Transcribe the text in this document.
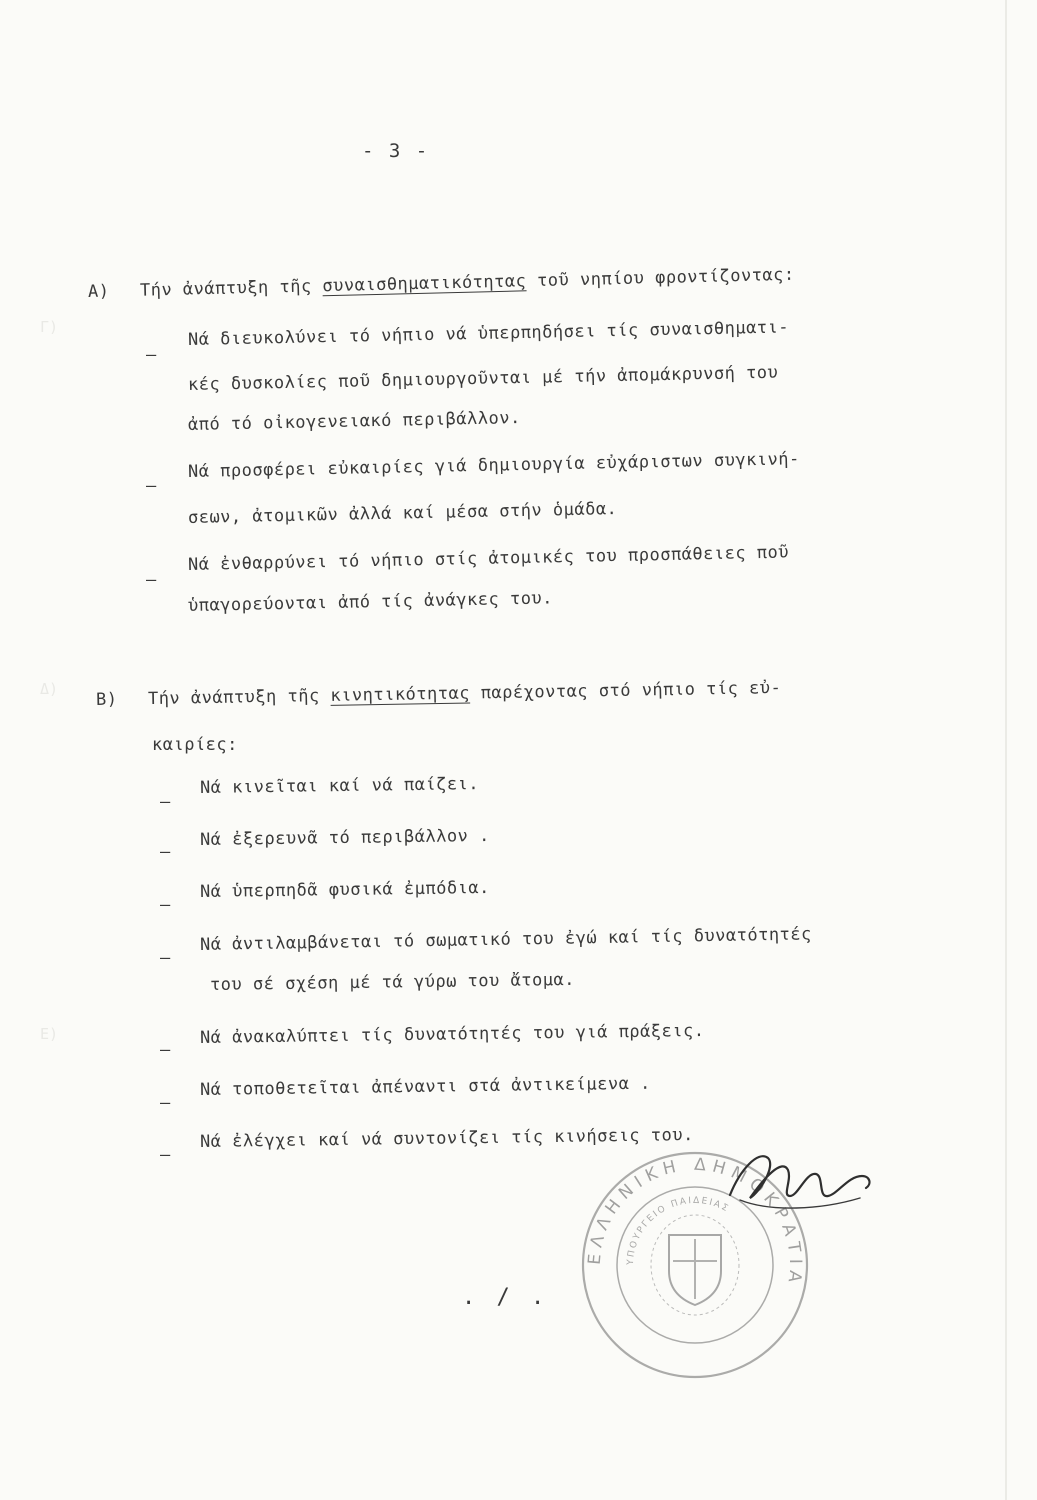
Γ)
Δ)
Ε)
- 3 -
A) Τήν ἀνάπτυξη τῆς συναισθηματικότητας τοῦ νηπίου φροντίζοντας:
–
Νά διευκολύνει τό νήπιο νά ὑπερπηδήσει τίς συναισθηματι-
κές δυσκολίες ποῦ δημιουργοῦνται μέ τήν ἀπομάκρυνσή του
ἀπό τό οἰκογενειακό περιβάλλον.
–
Νά προσφέρει εὐκαιρίες γιά δημιουργία εὐχάριστων συγκινή-
σεων, ἀτομικῶν ἀλλά καί μέσα στήν ὁμάδα.
–
Νά ἐνθαρρύνει τό νήπιο στίς ἀτομικές του προσπάθειες ποῦ
ὑπαγορεύονται ἀπό τίς ἀνάγκες του.
B) Τήν ἀνάπτυξη τῆς κινητικότητας παρέχοντας στό νήπιο τίς εὐ-
καιρίες:
–
Νά κινεῖται καί νά παίζει.
–
Νά ἐξερευνᾶ τό περιβάλλον .
–
Νά ὑπερπηδᾶ φυσικά ἐμπόδια.
–
Νά ἀντιλαμβάνεται τό σωματικό του ἐγώ καί τίς δυνατότητές
του σέ σχέση μέ τά γύρω του ἄτομα.
–
Νά ἀνακαλύπτει τίς δυνατότητές του γιά πράξεις.
–
Νά τοποθετεῖται ἀπέναντι στά ἀντικείμενα .
–
Νά ἐλέγχει καί νά συντονίζει τίς κινήσεις του.
. / .
ΕΛΛΗΝΙΚΗ ΔΗΜΟΚΡΑΤΙΑ
ΥΠΟΥΡΓΕΙΟ ΠΑΙΔΕΙΑΣ
